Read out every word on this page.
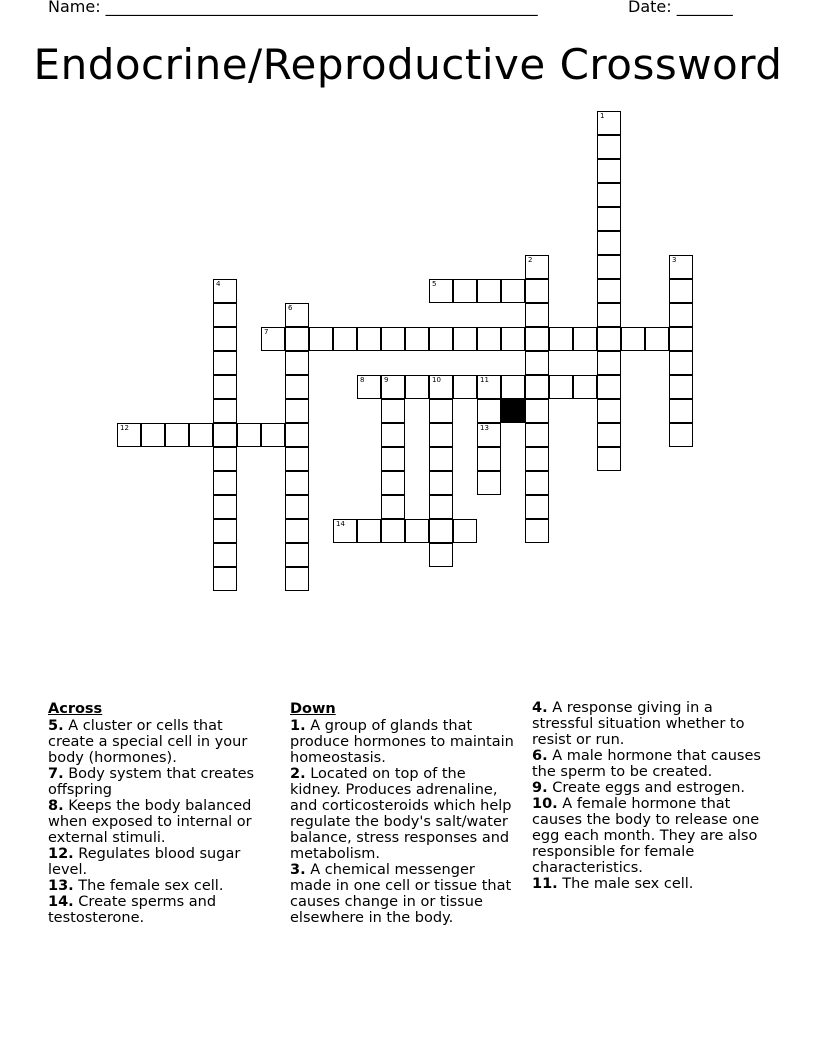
Name: ______________________________________________________	Date: _______
Endocrine/Reproductive Crossword
1
2	3
4	5
6
7
8	9	10	11
12	13
14
Across
5. A cluster or cells that create a special cell in your body (hormones).
7. Body system that creates offspring
8. Keeps the body balanced when exposed to internal or external stimuli.
12. Regulates blood sugar level.
13. The female sex cell.
14. Create sperms and testosterone.
Down
1. A group of glands that produce hormones to maintain homeostasis.
2. Located on top of the kidney. Produces adrenaline, and corticosteroids which help regulate the body's salt/water balance, stress responses and metabolism.
3. A chemical messenger made in one cell or tissue that causes change in or tissue elsewhere in the body.
4. A response giving in a stressful situation whether to resist or run.
6. A male hormone that causes the sperm to be created.
9. Create eggs and estrogen.
10. A female hormone that causes the body to release one egg each month. They are also responsible for female characteristics.
11. The male sex cell.
